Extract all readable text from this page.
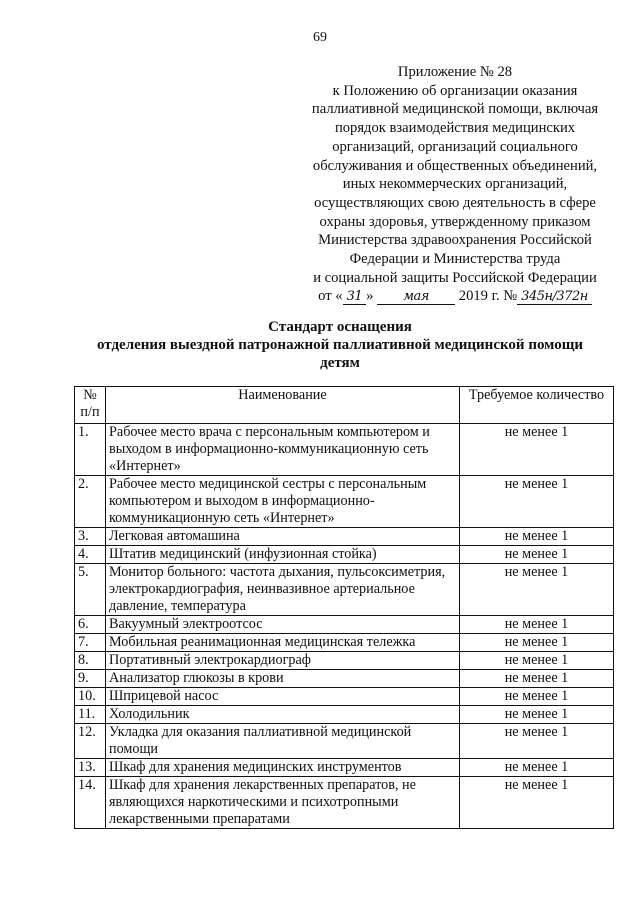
69
Приложение № 28
к Положению об организации оказания
паллиативной медицинской помощи, включая
порядок взаимодействия медицинских
организаций, организаций социального
обслуживания и общественных объединений,
иных некоммерческих организаций,
осуществляющих свою деятельность в сфере
охраны здоровья, утвержденному приказом
Министерства здравоохранения Российской
Федерации и Министерства труда
и социальной защиты Российской Федерации
от « 31 » мая 2019 г. № 345н/372н
Стандарт оснащения
отделения выездной патронажной паллиативной медицинской помощи
детям
№ п/п	Наименование	Требуемое количество
1.	Рабочее место врача с персональным компьютером и выходом в информационно-коммуникационную сеть «Интернет»	не менее 1
2.	Рабочее место медицинской сестры с персональным компьютером и выходом в информационно-коммуникационную сеть «Интернет»	не менее 1
3.	Легковая автомашина	не менее 1
4.	Штатив медицинский (инфузионная стойка)	не менее 1
5.	Монитор больного: частота дыхания, пульсоксиметрия, электрокардиография, неинвазивное артериальное давление, температура	не менее 1
6.	Вакуумный электроотсос	не менее 1
7.	Мобильная реанимационная медицинская тележка	не менее 1
8.	Портативный электрокардиограф	не менее 1
9.	Анализатор глюкозы в крови	не менее 1
10.	Шприцевой насос	не менее 1
11.	Холодильник	не менее 1
12.	Укладка для оказания паллиативной медицинской помощи	не менее 1
13.	Шкаф для хранения медицинских инструментов	не менее 1
14.	Шкаф для хранения лекарственных препаратов, не являющихся наркотическими и психотропными лекарственными препаратами	не менее 1
